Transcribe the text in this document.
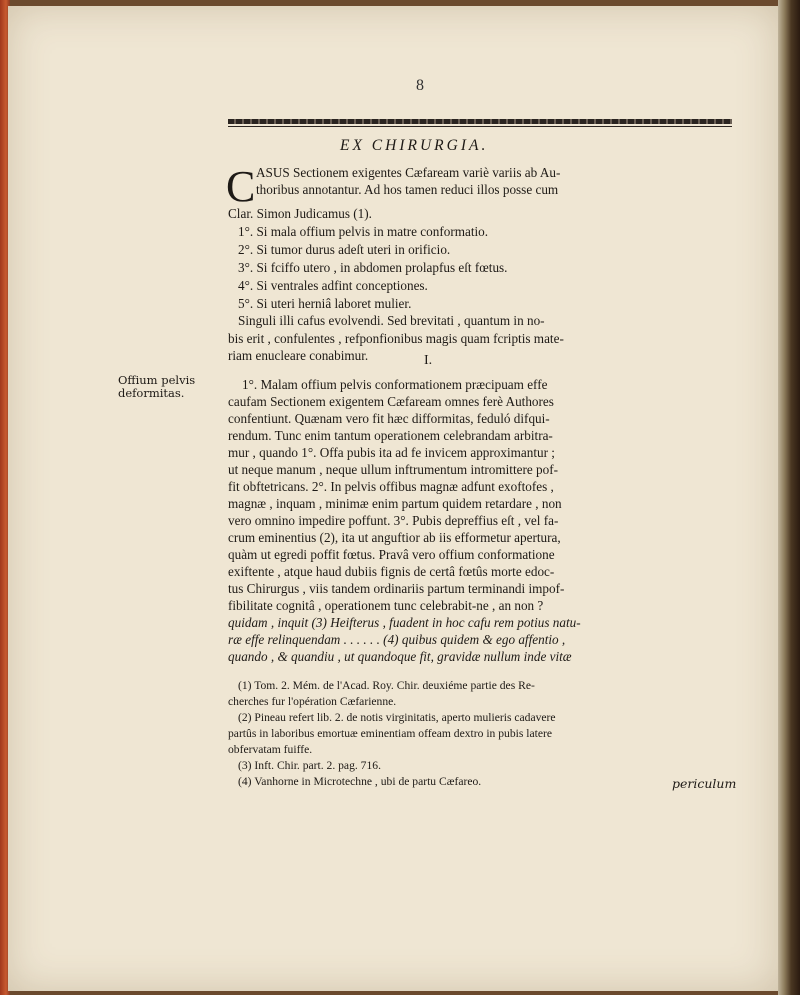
8
EX CHIRURGIA.
C ASUS Sectionem exigentes Cæfaream variè variis ab Au-
thoribus annotantur. Ad hos tamen reduci illos posse cum
Clar. Simon Judicamus (1).
1°. Si mala offium pelvis in matre conformatio.
2°. Si tumor durus adeſt uteri in orificio.
3°. Si fciffo utero , in abdomen prolapfus eſt fœtus.
4°. Si ventrales adfint conceptiones.
5°. Si uteri herniâ laboret mulier.
Singuli illi cafus evolvendi. Sed brevitati , quantum in no-
bis erit , confulentes , refponfionibus magis quam fcriptis mate-
riam enucleare conabimur.	I.
Offium pelvis
deformitas.
1°. Malam offium pelvis conformationem præcipuam effe
caufam Sectionem exigentem Cæfaream omnes ferè Authores
confentiunt. Quænam vero fit hæc difformitas, feduló difqui-
rendum. Tunc enim tantum operationem celebrandam arbitra-
mur , quando 1°. Offa pubis ita ad fe invicem approximantur ;
ut neque manum , neque ullum inftrumentum intromittere pof-
fit obftetricans. 2°. In pelvis offibus magnæ adfunt exoftofes ,
magnæ , inquam , minimæ enim partum quidem retardare , non
vero omnino impedire poffunt. 3°. Pubis depreffius eſt , vel fa-
crum eminentius (2), ita ut anguftior ab iis efformetur apertura,
quàm ut egredi poffit fœtus. Pravâ vero offium conformatione
exiftente , atque haud dubiis fignis de certâ fœtûs morte edoc-
tus Chirurgus , viis tandem ordinariis partum terminandi impof-
fibilitate cognitâ , operationem tunc celebrabit-ne , an non ?
quidam , inquit (3) Heifterus , fuadent in hoc cafu rem potius natu-
ræ effe relinquendam . . . . . . (4) quibus quidem & ego affentio ,
quando , & quandiu , ut quandoque fit, gravidæ nullum inde vitæ
(1) Tom. 2. Mém. de l'Acad. Roy. Chir. deuxiéme partie des Re-
cherches fur l'opération Cæfarienne.
(2) Pineau refert lib. 2. de notis virginitatis, aperto mulieris cadavere
partûs in laboribus emortuæ eminentiam offeam dextro in pubis latere
obfervatam fuiffe.
(3) Inft. Chir. part. 2. pag. 716.
(4) Vanhorne in Microtechne , ubi de partu Cæfareo.	periculum
